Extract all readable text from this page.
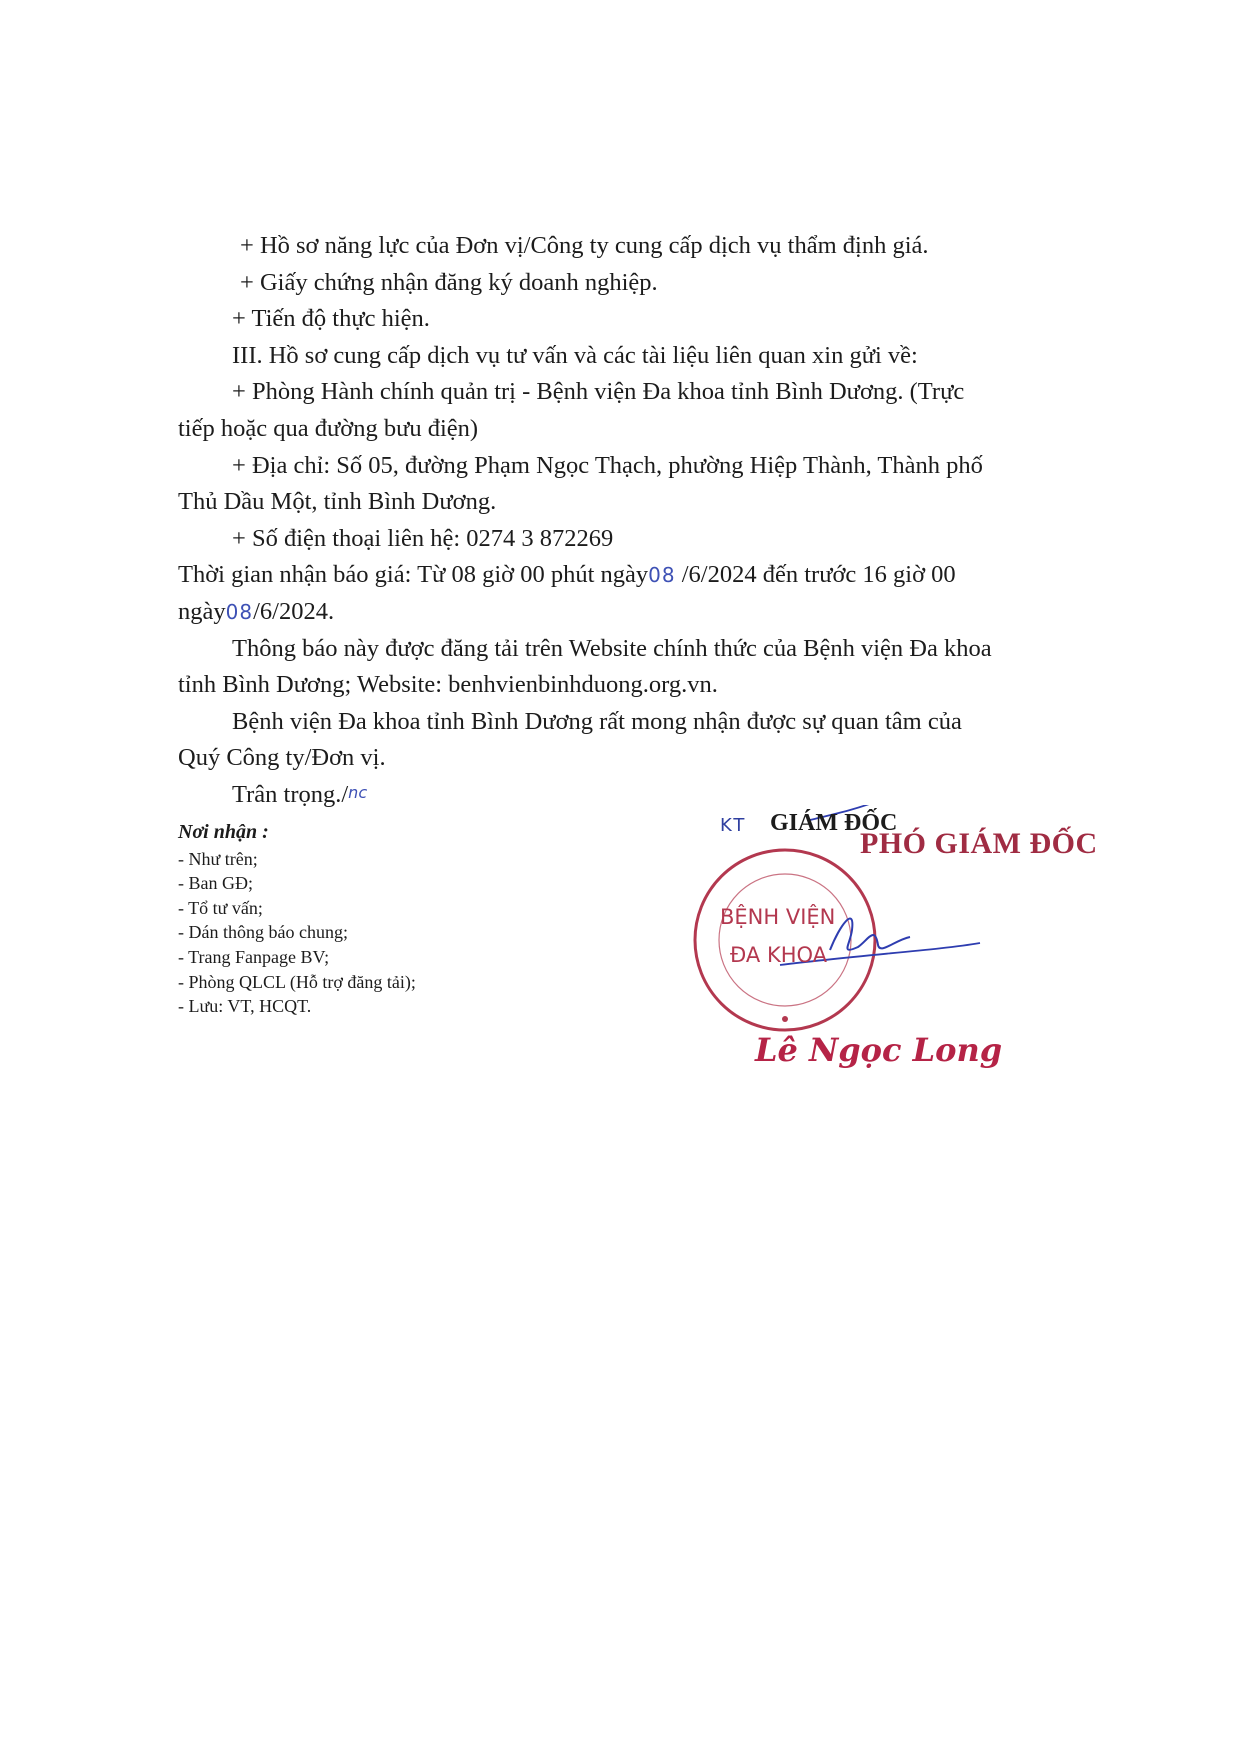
+ Hồ sơ năng lực của Đơn vị/Công ty cung cấp dịch vụ thẩm định giá.
+ Giấy chứng nhận đăng ký doanh nghiệp.
+ Tiến độ thực hiện.
III. Hồ sơ cung cấp dịch vụ tư vấn và các tài liệu liên quan xin gửi về:
+ Phòng Hành chính quản trị - Bệnh viện Đa khoa tỉnh Bình Dương. (Trực
tiếp hoặc qua đường bưu điện)
+ Địa chỉ: Số 05, đường Phạm Ngọc Thạch, phường Hiệp Thành, Thành phố
Thủ Dầu Một, tỉnh Bình Dương.
+ Số điện thoại liên hệ: 0274 3 872269
Thời gian nhận báo giá: Từ 08 giờ 00 phút ngày08 /6/2024 đến trước 16 giờ 00
ngày08/6/2024.
Thông báo này được đăng tải trên Website chính thức của Bệnh viện Đa khoa
tỉnh Bình Dương; Website: benhvienbinhduong.org.vn.
Bệnh viện Đa khoa tỉnh Bình Dương rất mong nhận được sự quan tâm của
Quý Công ty/Đơn vị.
Trân trọng./nc
Nơi nhận :
- Như trên;
- Ban GĐ;
- Tổ tư vấn;
- Dán thông báo chung;
- Trang Fanpage BV;
- Phòng QLCL (Hỗ trợ đăng tải);
- Lưu: VT, HCQT.
KT GIÁM ĐỐC
PHÓ GIÁM ĐỐC
BỆNH VIỆN
ĐA KHOA
Lê Ngọc Long
